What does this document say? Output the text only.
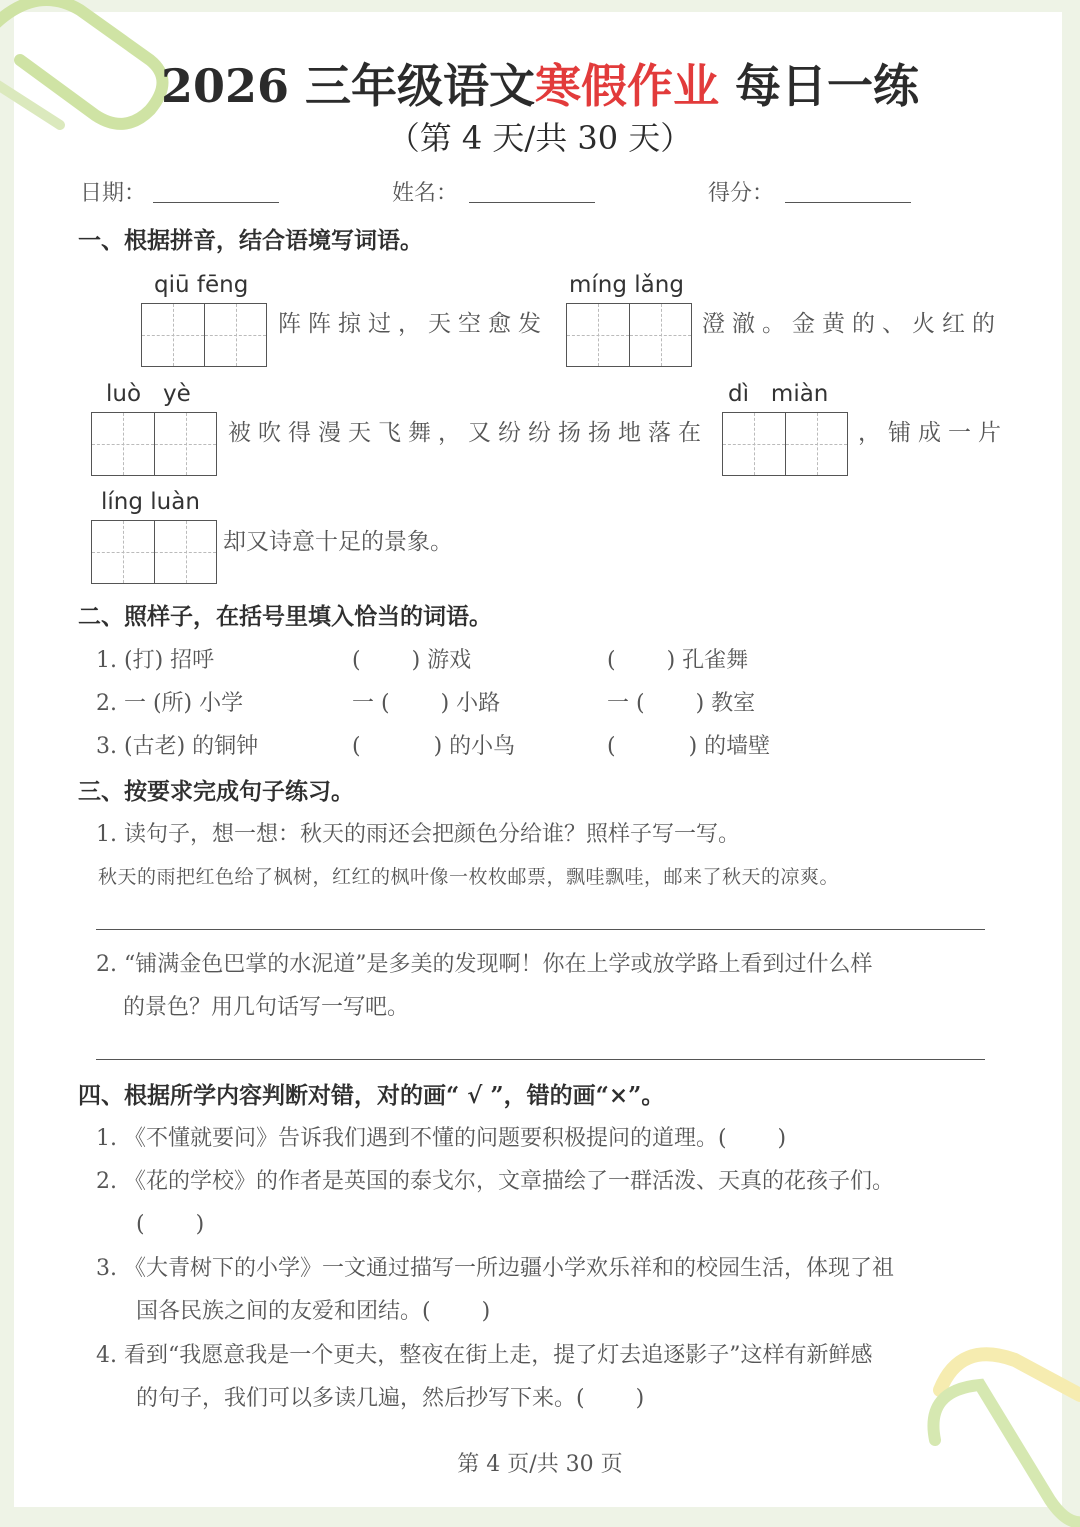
2026 三年级语文寒假作业 每日一练
（第 4 天/共 30 天）
日期：	姓名：	得分：
一、根据拼音，结合语境写词语。
qiū fēng
阵阵掠过，天空愈发
míng lǎng
澄澈。金黄的、火红的
luò   yè
被吹得漫天飞舞，又纷纷扬扬地落在
dì   miàn
，铺成一片
líng luàn
却又诗意十足的景象。
二、照样子，在括号里填入恰当的词语。
1. (打) 招呼	(　　 ) 游戏	(　　 ) 孔雀舞
2. 一 (所) 小学	一 (　　 ) 小路	一 (　　 ) 教室
3. (古老) 的铜钟	(　　　 ) 的小鸟	(　　　 ) 的墙壁
三、按要求完成句子练习。
1. 读句子，想一想：秋天的雨还会把颜色分给谁？照样子写一写。
秋天的雨把红色给了枫树，红红的枫叶像一枚枚邮票，飘哇飘哇，邮来了秋天的凉爽。
2. “铺满金色巴掌的水泥道”是多美的发现啊！你在上学或放学路上看到过什么样
的景色？用几句话写一写吧。
四、根据所学内容判断对错，对的画“ √ ”，错的画“×”。
1. 《不懂就要问》告诉我们遇到不懂的问题要积极提问的道理。(　　 )
2. 《花的学校》的作者是英国的泰戈尔，文章描绘了一群活泼、天真的花孩子们。
(　　 )
3. 《大青树下的小学》一文通过描写一所边疆小学欢乐祥和的校园生活，体现了祖
国各民族之间的友爱和团结。(　　 )
4. 看到“我愿意我是一个更夫，整夜在街上走，提了灯去追逐影子”这样有新鲜感
的句子，我们可以多读几遍，然后抄写下来。(　　 )
第 4 页/共 30 页
